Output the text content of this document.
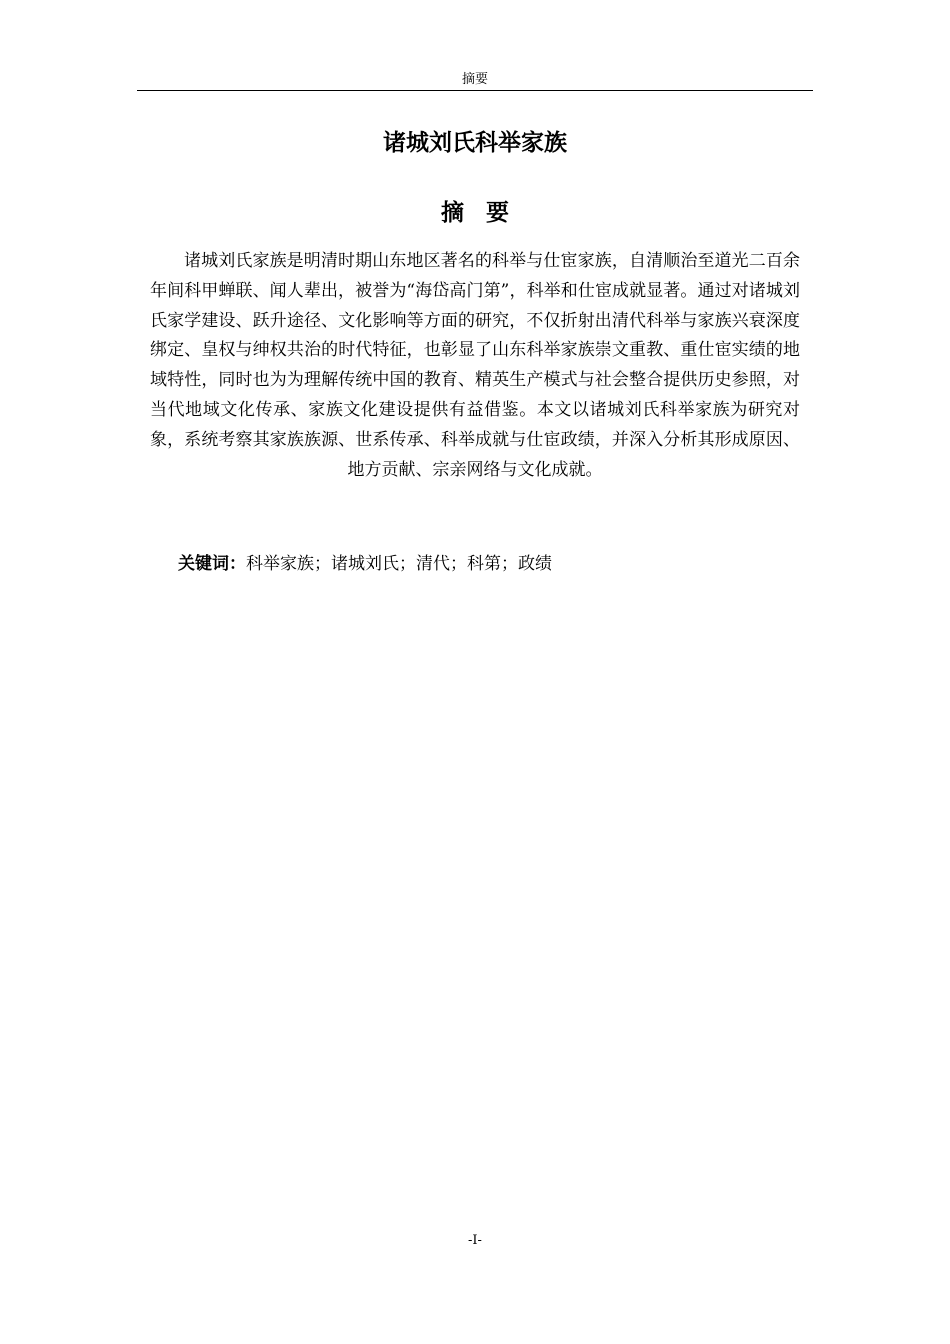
摘要
诸城刘氏科举家族
摘要

诸城刘氏家族是明清时期山东地区著名的科举与仕宦家族，自清顺治至道光二百余年间科甲蝉联、闻人辈出，被誉为“海岱高门第”，科举和仕宦成就显著。通过对诸城刘氏家学建设、跃升途径、文化影响等方面的研究，不仅折射出清代科举与家族兴衰深度绑定、皇权与绅权共治的时代特征，也彰显了山东科举家族崇文重教、重仕宦实绩的地域特性，同时也为为理解传统中国的教育、精英生产模式与社会整合提供历史参照，对当代地域文化传承、家族文化建设提供有益借鉴。本文以诸城刘氏科举家族为研究对象，系统考察其家族族源、世系传承、科举成就与仕宦政绩，并深入分析其形成原因、地方贡献、宗亲网络与文化成就。

关键词：科举家族；诸城刘氏；清代；科第；政绩

-I-
